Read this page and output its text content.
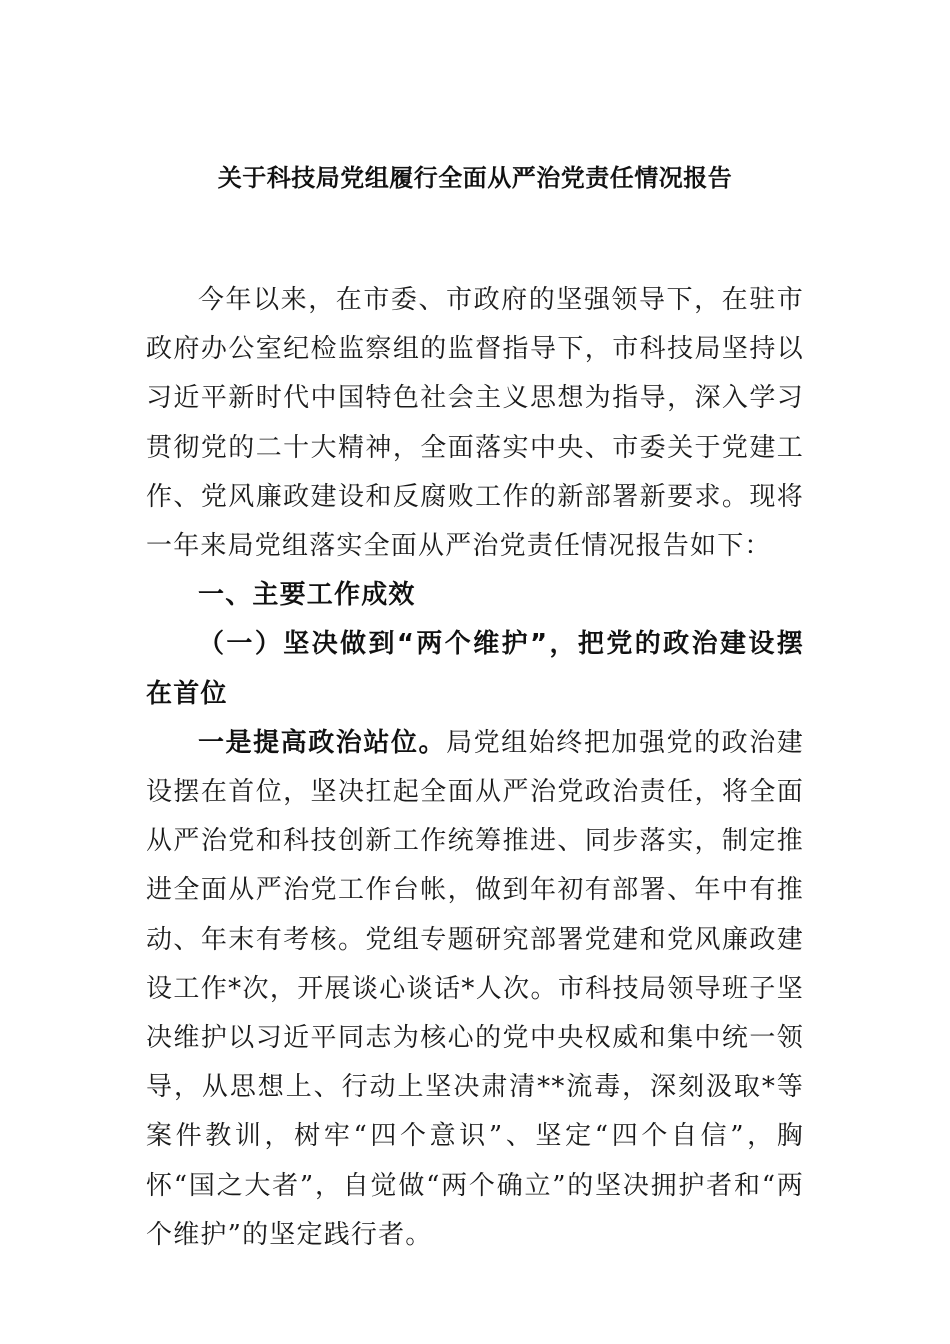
关于科技局党组履行全面从严治党责任情况报告

今年以来，在市委、市政府的坚强领导下，在驻市政府办公室纪检监察组的监督指导下，市科技局坚持以习近平新时代中国特色社会主义思想为指导，深入学习贯彻党的二十大精神，全面落实中央、市委关于党建工作、党风廉政建设和反腐败工作的新部署新要求。现将一年来局党组落实全面从严治党责任情况报告如下：

一、主要工作成效

（一）坚决做到“两个维护”，把党的政治建设摆在首位

一是提高政治站位。局党组始终把加强党的政治建设摆在首位，坚决扛起全面从严治党政治责任，将全面从严治党和科技创新工作统筹推进、同步落实，制定推进全面从严治党工作台帐，做到年初有部署、年中有推动、年末有考核。党组专题研究部署党建和党风廉政建设工作*次，开展谈心谈话*人次。市科技局领导班子坚决维护以习近平同志为核心的党中央权威和集中统一领导，从思想上、行动上坚决肃清**流毒，深刻汲取*等案件教训，树牢“四个意识”、坚定“四个自信”，胸怀“国之大者”，自觉做“两个确立”的坚决拥护者和“两个维护”的坚定践行者。
